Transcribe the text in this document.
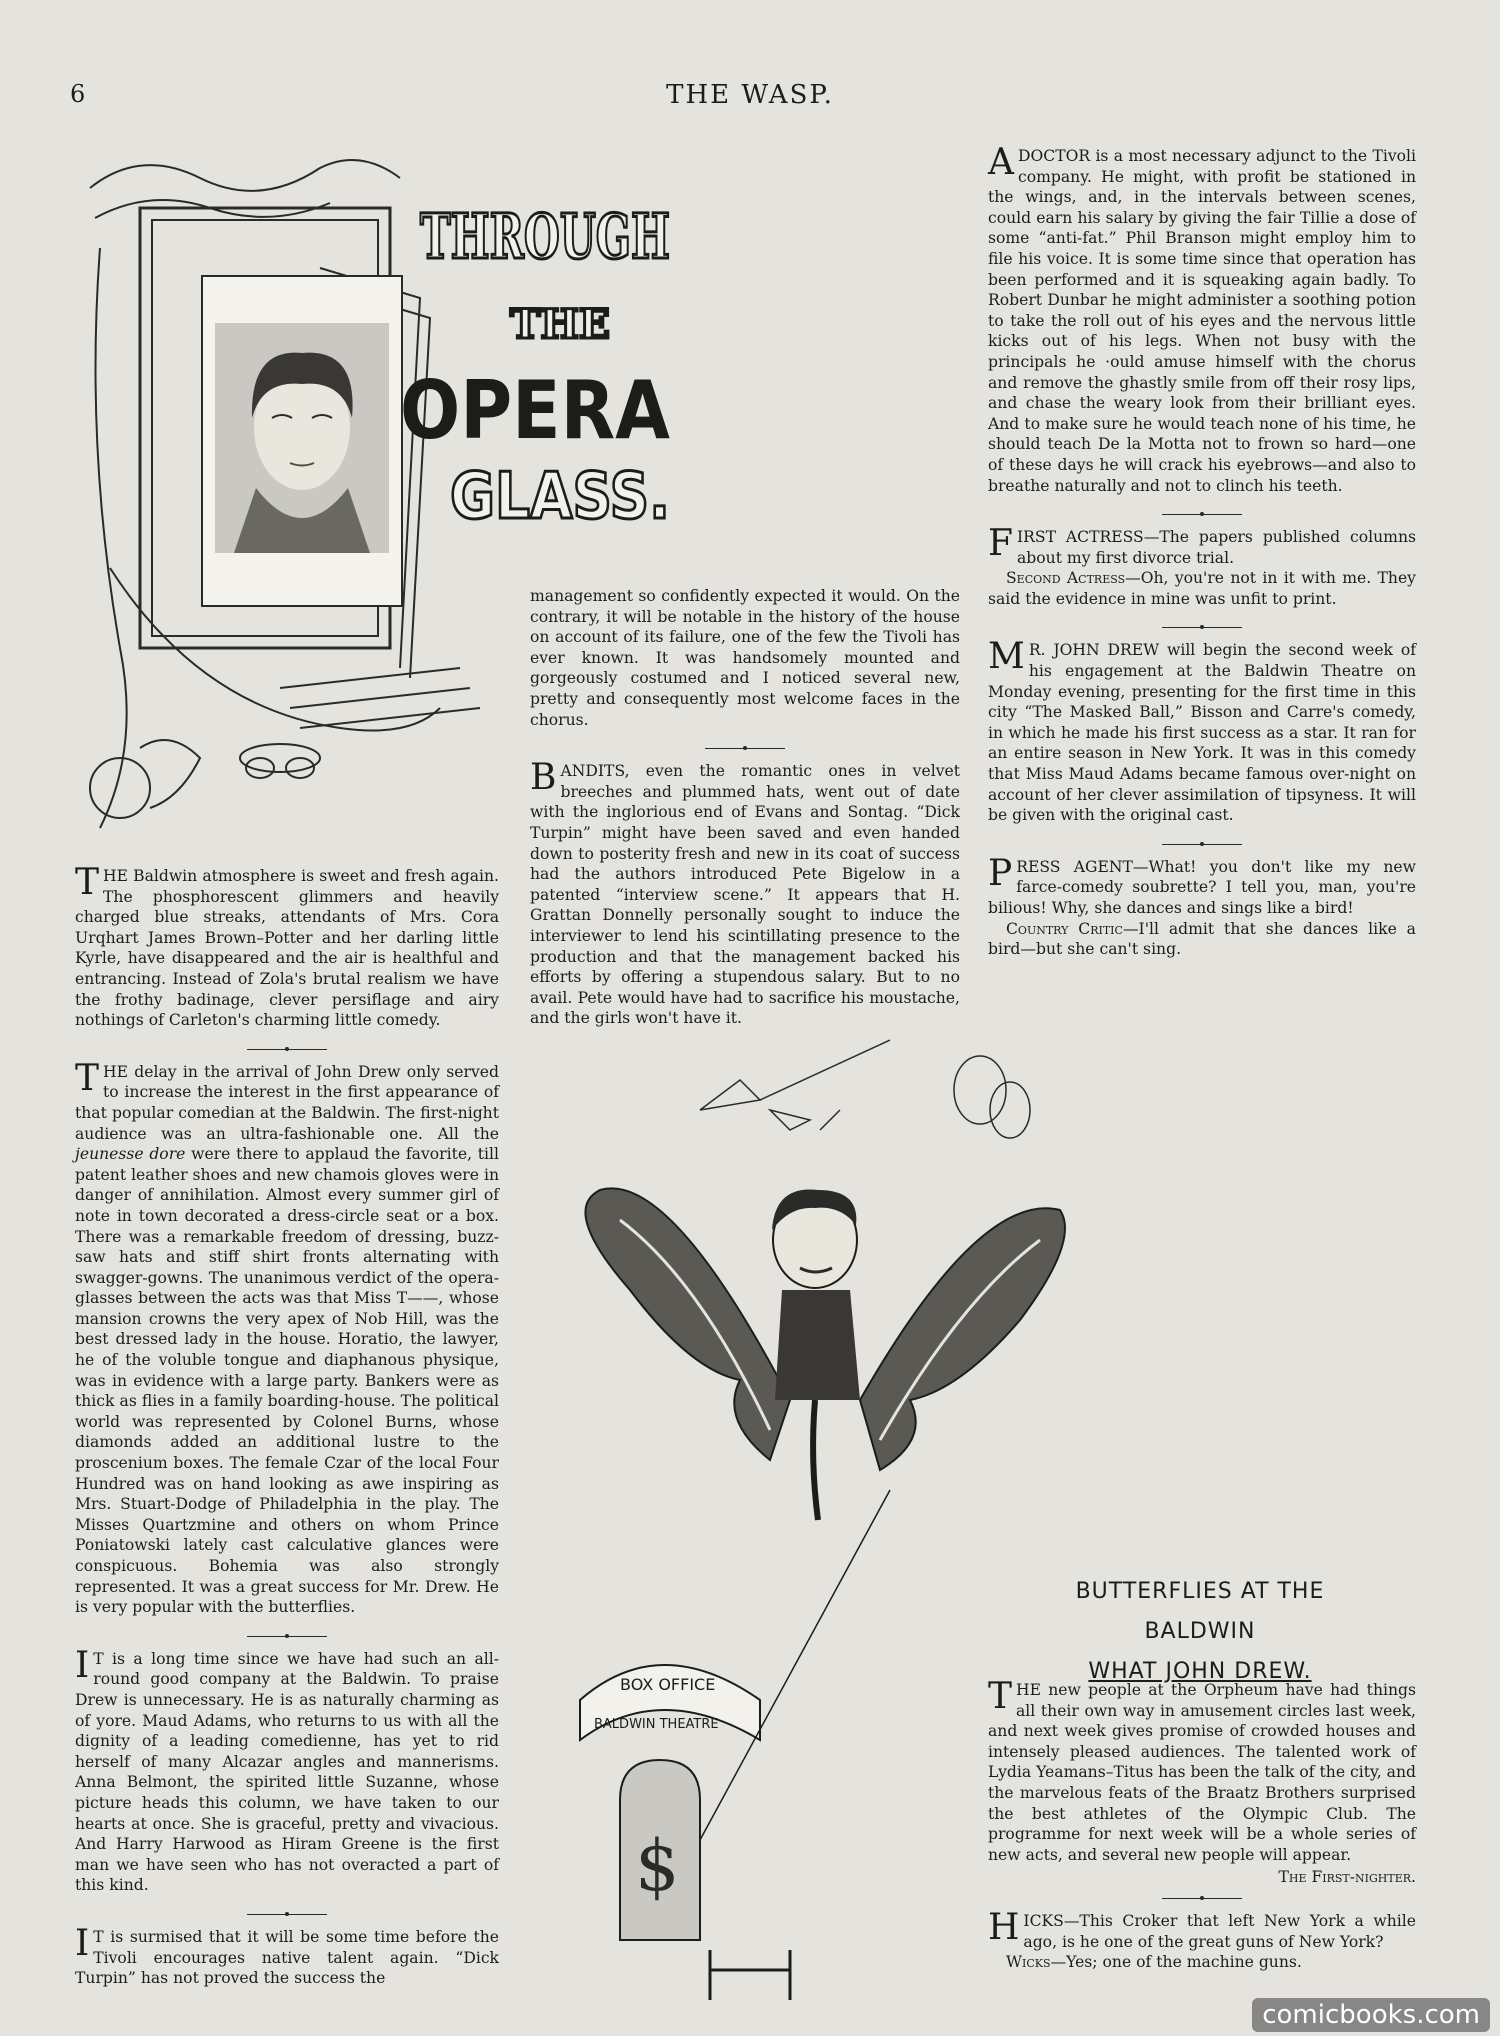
6	THE WASP.
THROUGH
THE
OPERA
GLASS.
THE Baldwin atmosphere is sweet and fresh again. The phosphorescent glimmers and heavily charged blue streaks, attendants of Mrs. Cora Urqhart James Brown–Potter and her darling little Kyrle, have disappeared and the air is healthful and entrancing. Instead of Zola's brutal realism we have the frothy badinage, clever persiflage and airy nothings of Carleton's charming little comedy.
THE delay in the arrival of John Drew only served to increase the interest in the first appearance of that popular comedian at the Baldwin. The first-night audience was an ultra-fashionable one. All the jeunesse dore were there to applaud the favorite, till patent leather shoes and new chamois gloves were in danger of annihilation. Almost every summer girl of note in town decorated a dress-circle seat or a box. There was a remarkable freedom of dressing, buzz-saw hats and stiff shirt fronts alternating with swagger-gowns. The unanimous verdict of the opera-glasses between the acts was that Miss T——, whose mansion crowns the very apex of Nob Hill, was the best dressed lady in the house. Horatio, the lawyer, he of the voluble tongue and diaphanous physique, was in evidence with a large party. Bankers were as thick as flies in a family boarding-house. The political world was represented by Colonel Burns, whose diamonds added an additional lustre to the proscenium boxes. The female Czar of the local Four Hundred was on hand looking as awe inspiring as Mrs. Stuart-Dodge of Philadelphia in the play. The Misses Quartzmine and others on whom Prince Poniatowski lately cast calculative glances were conspicuous. Bohemia was also strongly represented. It was a great success for Mr. Drew. He is very popular with the butterflies.
I T is a long time since we have had such an all-round good company at the Baldwin. To praise Drew is unnecessary. He is as naturally charming as of yore. Maud Adams, who returns to us with all the dignity of a leading comedienne, has yet to rid herself of many Alcazar angles and mannerisms. Anna Belmont, the spirited little Suzanne, whose picture heads this column, we have taken to our hearts at once. She is graceful, pretty and vivacious. And Harry Harwood as Hiram Greene is the first man we have seen who has not overacted a part of this kind.
I T is surmised that it will be some time before the Tivoli encourages native talent again. “Dick Turpin” has not proved the success the
management so confidently expected it would. On the contrary, it will be notable in the history of the house on account of its failure, one of the few the Tivoli has ever known. It was handsomely mounted and gorgeously costumed and I noticed several new, pretty and consequently most welcome faces in the chorus.
BANDITS, even the romantic ones in velvet breeches and plummed hats, went out of date with the inglorious end of Evans and Sontag. “Dick Turpin” might have been saved and even handed down to posterity fresh and new in its coat of success had the authors introduced Pete Bigelow in a patented “interview scene.” It appears that H. Grattan Donnelly personally sought to induce the interviewer to lend his scintillating presence to the production and that the management backed his efforts by offering a stupendous salary. But to no avail. Pete would have had to sacrifice his moustache, and the girls won't have it.
A DOCTOR is a most necessary adjunct to the Tivoli company. He might, with profit be stationed in the wings, and, in the intervals between scenes, could earn his salary by giving the fair Tillie a dose of some “anti-fat.” Phil Branson might employ him to file his voice. It is some time since that operation has been performed and it is squeaking again badly. To Robert Dunbar he might administer a soothing potion to take the roll out of his eyes and the nervous little kicks out of his legs. When not busy with the principals he ·ould amuse himself with the chorus and remove the ghastly smile from off their rosy lips, and chase the weary look from their brilliant eyes. And to make sure he would teach none of his time, he should teach De la Motta not to frown so hard—one of these days he will crack his eyebrows—and also to breathe naturally and not to clinch his teeth.

FIRST ACTRESS—The papers published columns about my first divorce trial.

Second Actress—Oh, you're not in it with me. They said the evidence in mine was unfit to print.

M R. JOHN DREW will begin the second week of his engagement at the Baldwin Theatre on Monday evening, presenting for the first time in this city “The Masked Ball,” Bisson and Carre's comedy, in which he made his first success as a star. It ran for an entire season in New York. It was in this comedy that Miss Maud Adams became famous over-night on account of her clever assimilation of tipsyness. It will be given with the original cast.

PRESS AGENT—What! you don't like my new farce-comedy soubrette? I tell you, man, you're bilious! Why, she dances and sings like a bird!

Country Critic—I'll admit that she dances like a bird—but she can't sing.

BOX OFFICE
BALDWIN THEATRE
$
BUTTERFLIES AT THE BALDWIN
WHAT JOHN DREW.
THE new people at the Orpheum have had things all their own way in amusement circles last week, and next week gives promise of crowded houses and intensely pleased audiences. The talented work of Lydia Yeamans–Titus has been the talk of the city, and the marvelous feats of the Braatz Brothers surprised the best athletes of the Olympic Club. The programme for next week will be a whole series of new acts, and several new people will appear.
The First-nighter.

HICKS—This Croker that left New York a while ago, is he one of the great guns of New York?

Wicks—Yes; one of the machine guns.

comicbooks.com
